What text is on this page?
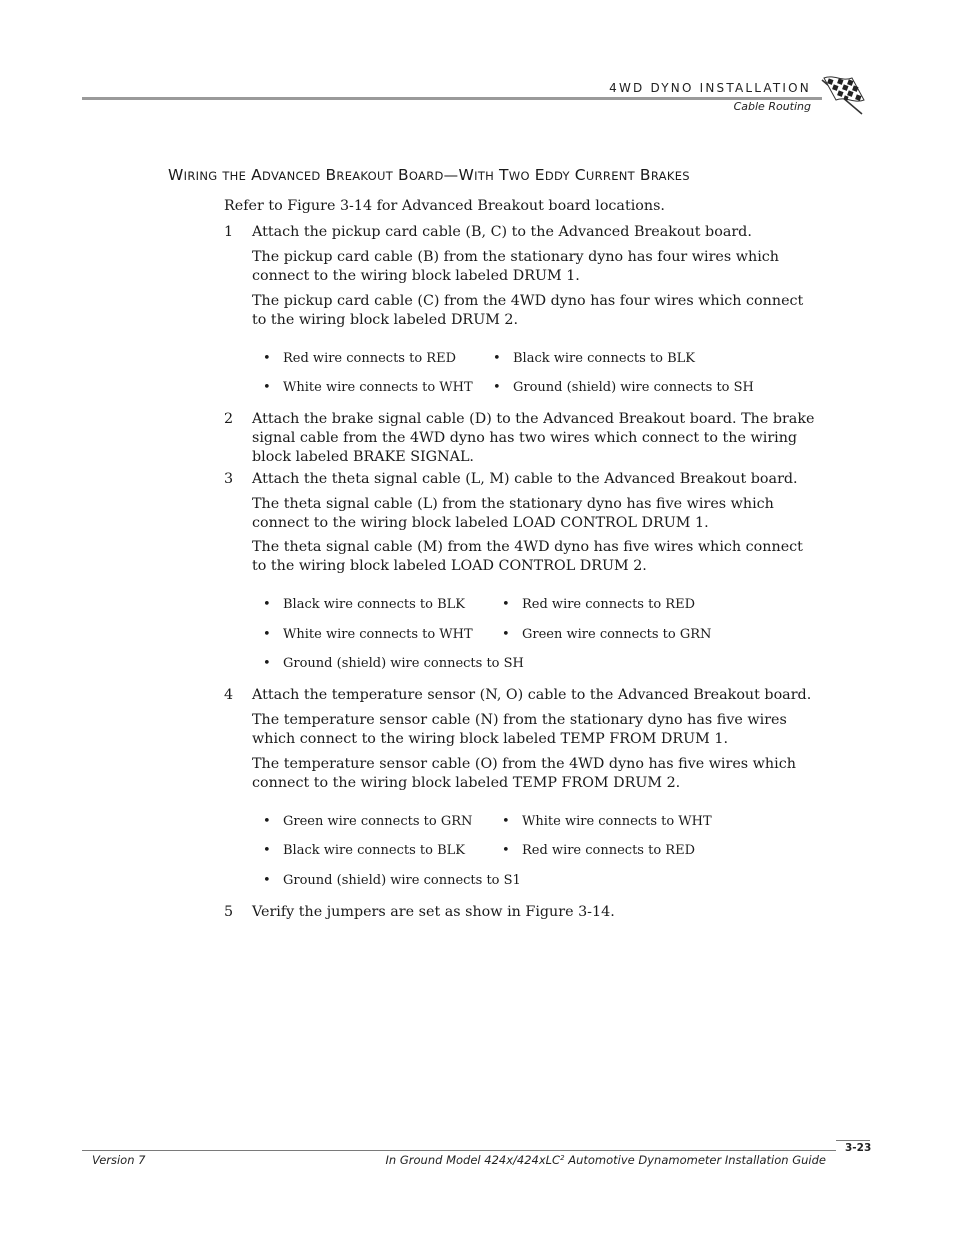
4WD DYNO INSTALLATION
Cable Routing
WIRING THE ADVANCED BREAKOUT BOARD—WITH TWO EDDY CURRENT BRAKES
Refer to Figure 3-14 for Advanced Breakout board locations.
1 Attach the pickup card cable (B, C) to the Advanced Breakout board.
The pickup card cable (B) from the stationary dyno has four wires which connect to the wiring block labeled DRUM 1.
The pickup card cable (C) from the 4WD dyno has four wires which connect to the wiring block labeled DRUM 2.
• Red wire connects to RED	• Black wire connects to BLK
• White wire connects to WHT	• Ground (shield) wire connects to SH
2 Attach the brake signal cable (D) to the Advanced Breakout board. The brake signal cable from the 4WD dyno has two wires which connect to the wiring block labeled BRAKE SIGNAL.
3 Attach the theta signal cable (L, M) cable to the Advanced Breakout board.
The theta signal cable (L) from the stationary dyno has five wires which connect to the wiring block labeled LOAD CONTROL DRUM 1.
The theta signal cable (M) from the 4WD dyno has five wires which connect to the wiring block labeled LOAD CONTROL DRUM 2.
• Black wire connects to BLK	• Red wire connects to RED
• White wire connects to WHT	• Green wire connects to GRN
• Ground (shield) wire connects to SH
4 Attach the temperature sensor (N, O) cable to the Advanced Breakout board.
The temperature sensor cable (N) from the stationary dyno has five wires which connect to the wiring block labeled TEMP FROM DRUM 1.
The temperature sensor cable (O) from the 4WD dyno has five wires which connect to the wiring block labeled TEMP FROM DRUM 2.
• Green wire connects to GRN	• White wire connects to WHT
• Black wire connects to BLK	• Red wire connects to RED
• Ground (shield) wire connects to S1
5 Verify the jumpers are set as show in Figure 3-14.
3-23
Version 7	In Ground Model 424x/424xLC$^2$ Automotive Dynamometer Installation Guide
